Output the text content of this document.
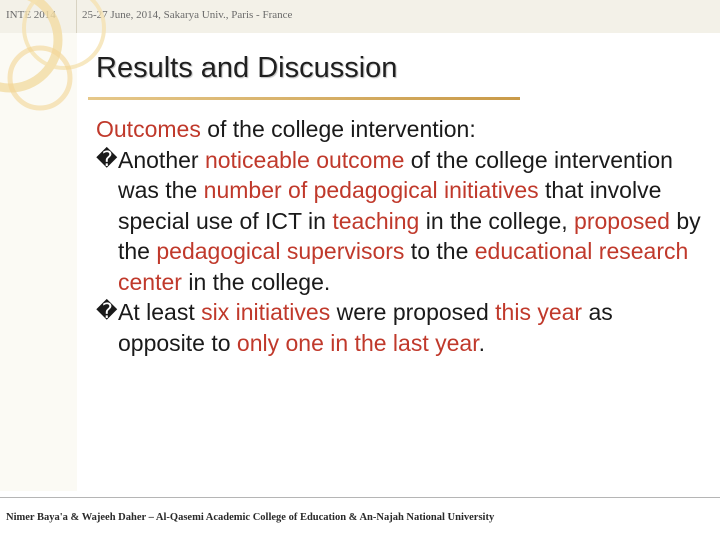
INTE 2014 25-27 June, 2014, Sakarya Univ., Paris - France
Results and Discussion
Outcomes of the college intervention:
� Another noticeable outcome of the college intervention was the number of pedagogical initiatives that involve special use of ICT in teaching in the college, proposed by the pedagogical supervisors to the educational research center in the college.
� At least six initiatives were proposed this year as opposite to only one in the last year.
Nimer Baya'a & Wajeeh Daher – Al-Qasemi Academic College of Education & An-Najah National University
